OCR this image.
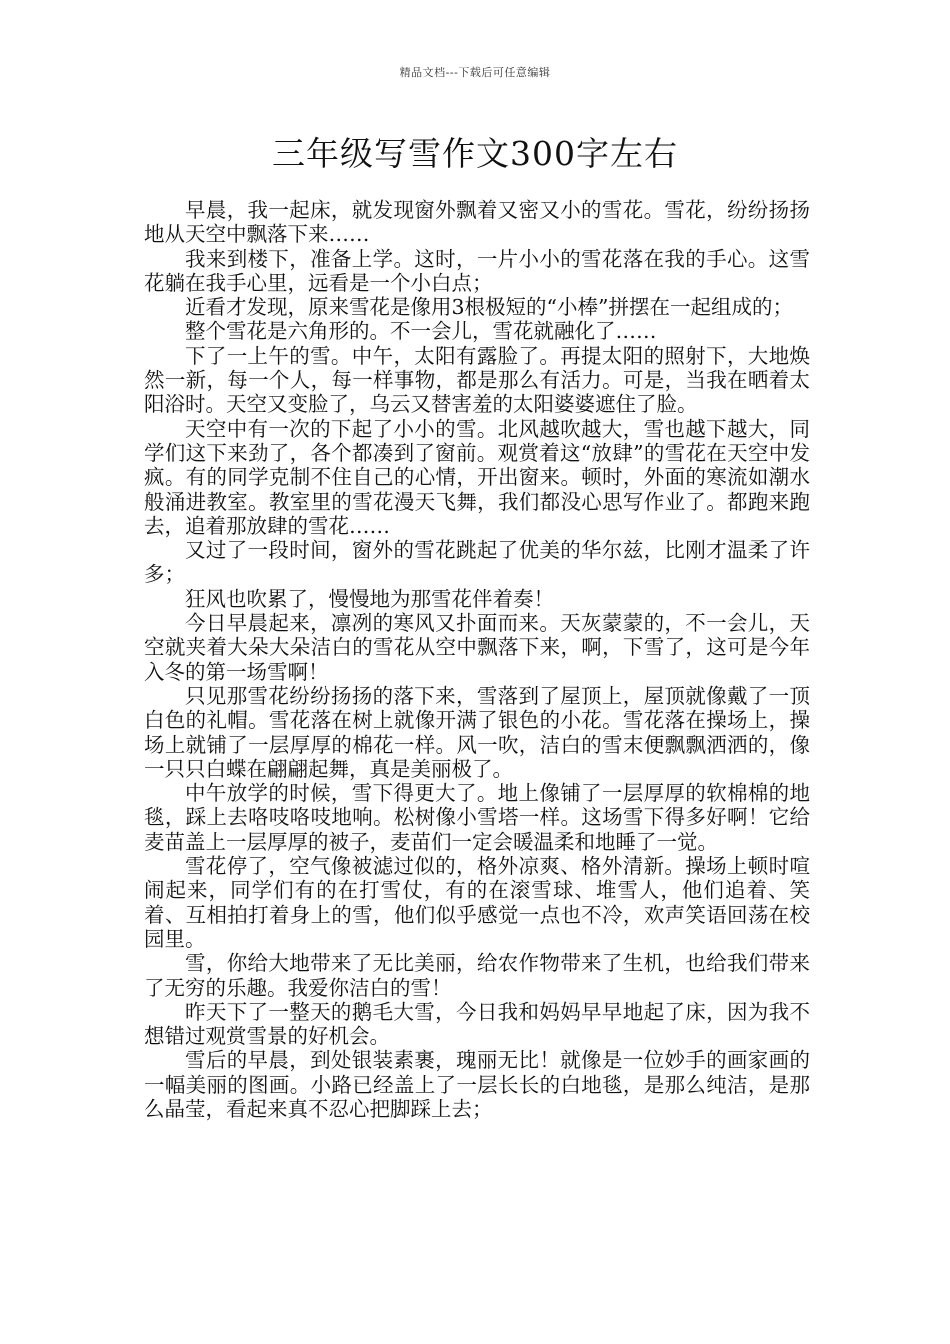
精品文档---下载后可任意编辑
三年级写雪作文300字左右

早晨，我一起床，就发现窗外飘着又密又小的雪花。雪花，纷纷扬扬地从天空中飘落下来……

我来到楼下，准备上学。这时，一片小小的雪花落在我的手心。这雪花躺在我手心里，远看是一个小白点；

近看才发现，原来雪花是像用3根极短的“小棒”拼摆在一起组成的；

整个雪花是六角形的。不一会儿，雪花就融化了……

下了一上午的雪。中午，太阳有露脸了。再提太阳的照射下，大地焕然一新，每一个人，每一样事物，都是那么有活力。可是，当我在晒着太阳浴时。天空又变脸了，乌云又替害羞的太阳婆婆遮住了脸。

天空中有一次的下起了小小的雪。北风越吹越大，雪也越下越大，同学们这下来劲了，各个都凑到了窗前。观赏着这“放肆”的雪花在天空中发疯。有的同学克制不住自己的心情，开出窗来。顿时，外面的寒流如潮水般涌进教室。教室里的雪花漫天飞舞，我们都没心思写作业了。都跑来跑去，追着那放肆的雪花……

又过了一段时间，窗外的雪花跳起了优美的华尔兹，比刚才温柔了许多；

狂风也吹累了，慢慢地为那雪花伴着奏！

今日早晨起来，凛冽的寒风又扑面而来。天灰蒙蒙的，不一会儿，天空就夹着大朵大朵洁白的雪花从空中飘落下来，啊，下雪了，这可是今年入冬的第一场雪啊！

只见那雪花纷纷扬扬的落下来，雪落到了屋顶上，屋顶就像戴了一顶白色的礼帽。雪花落在树上就像开满了银色的小花。雪花落在操场上，操场上就铺了一层厚厚的棉花一样。风一吹，洁白的雪末便飘飘洒洒的，像一只只白蝶在翩翩起舞，真是美丽极了。

中午放学的时候，雪下得更大了。地上像铺了一层厚厚的软棉棉的地毯，踩上去咯吱咯吱地响。松树像小雪塔一样。这场雪下得多好啊！它给麦苗盖上一层厚厚的被子，麦苗们一定会暖温柔和地睡了一觉。

雪花停了，空气像被滤过似的，格外凉爽、格外清新。操场上顿时喧闹起来，同学们有的在打雪仗，有的在滚雪球、堆雪人，他们追着、笑着、互相拍打着身上的雪，他们似乎感觉一点也不冷，欢声笑语回荡在校园里。

雪，你给大地带来了无比美丽，给农作物带来了生机，也给我们带来了无穷的乐趣。我爱你洁白的雪！

昨天下了一整天的鹅毛大雪，今日我和妈妈早早地起了床，因为我不想错过观赏雪景的好机会。

雪后的早晨，到处银装素裹，瑰丽无比！就像是一位妙手的画家画的一幅美丽的图画。小路已经盖上了一层长长的白地毯，是那么纯洁，是那么晶莹，看起来真不忍心把脚踩上去；
